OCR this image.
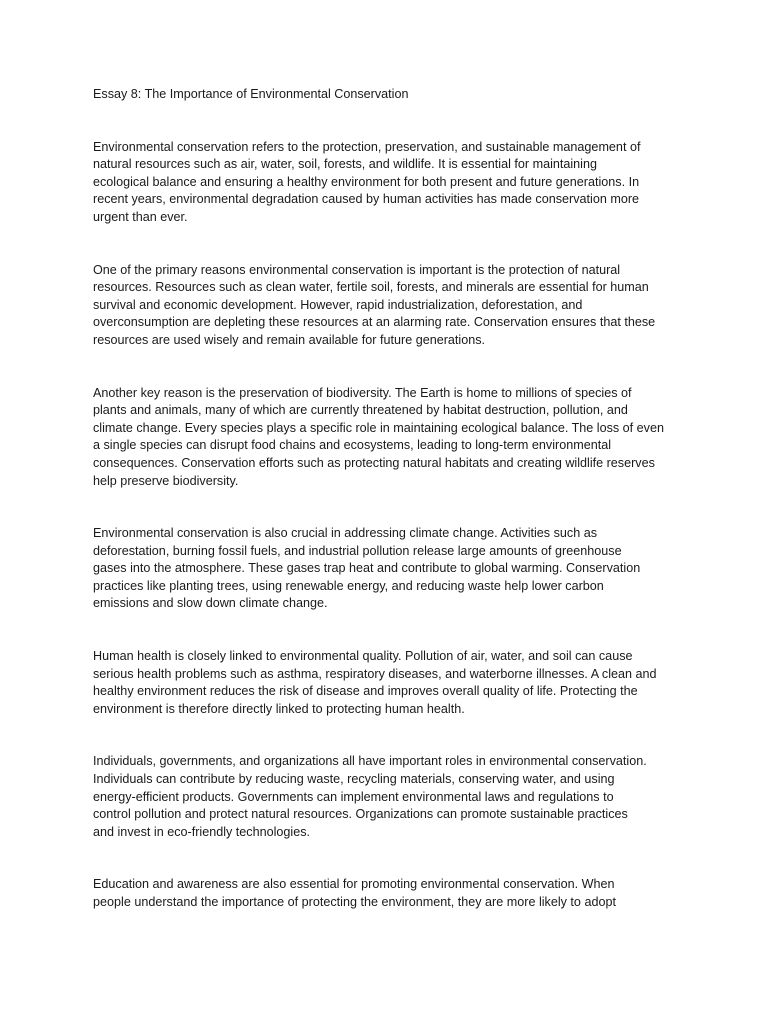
Essay 8: The Importance of Environmental Conservation
Environmental conservation refers to the protection, preservation, and sustainable management of
natural resources such as air, water, soil, forests, and wildlife. It is essential for maintaining
ecological balance and ensuring a healthy environment for both present and future generations. In
recent years, environmental degradation caused by human activities has made conservation more
urgent than ever.
One of the primary reasons environmental conservation is important is the protection of natural
resources. Resources such as clean water, fertile soil, forests, and minerals are essential for human
survival and economic development. However, rapid industrialization, deforestation, and
overconsumption are depleting these resources at an alarming rate. Conservation ensures that these
resources are used wisely and remain available for future generations.
Another key reason is the preservation of biodiversity. The Earth is home to millions of species of
plants and animals, many of which are currently threatened by habitat destruction, pollution, and
climate change. Every species plays a specific role in maintaining ecological balance. The loss of even
a single species can disrupt food chains and ecosystems, leading to long-term environmental
consequences. Conservation efforts such as protecting natural habitats and creating wildlife reserves
help preserve biodiversity.
Environmental conservation is also crucial in addressing climate change. Activities such as
deforestation, burning fossil fuels, and industrial pollution release large amounts of greenhouse
gases into the atmosphere. These gases trap heat and contribute to global warming. Conservation
practices like planting trees, using renewable energy, and reducing waste help lower carbon
emissions and slow down climate change.
Human health is closely linked to environmental quality. Pollution of air, water, and soil can cause
serious health problems such as asthma, respiratory diseases, and waterborne illnesses. A clean and
healthy environment reduces the risk of disease and improves overall quality of life. Protecting the
environment is therefore directly linked to protecting human health.
Individuals, governments, and organizations all have important roles in environmental conservation.
Individuals can contribute by reducing waste, recycling materials, conserving water, and using
energy-efficient products. Governments can implement environmental laws and regulations to
control pollution and protect natural resources. Organizations can promote sustainable practices
and invest in eco-friendly technologies.
Education and awareness are also essential for promoting environmental conservation. When
people understand the importance of protecting the environment, they are more likely to adopt
